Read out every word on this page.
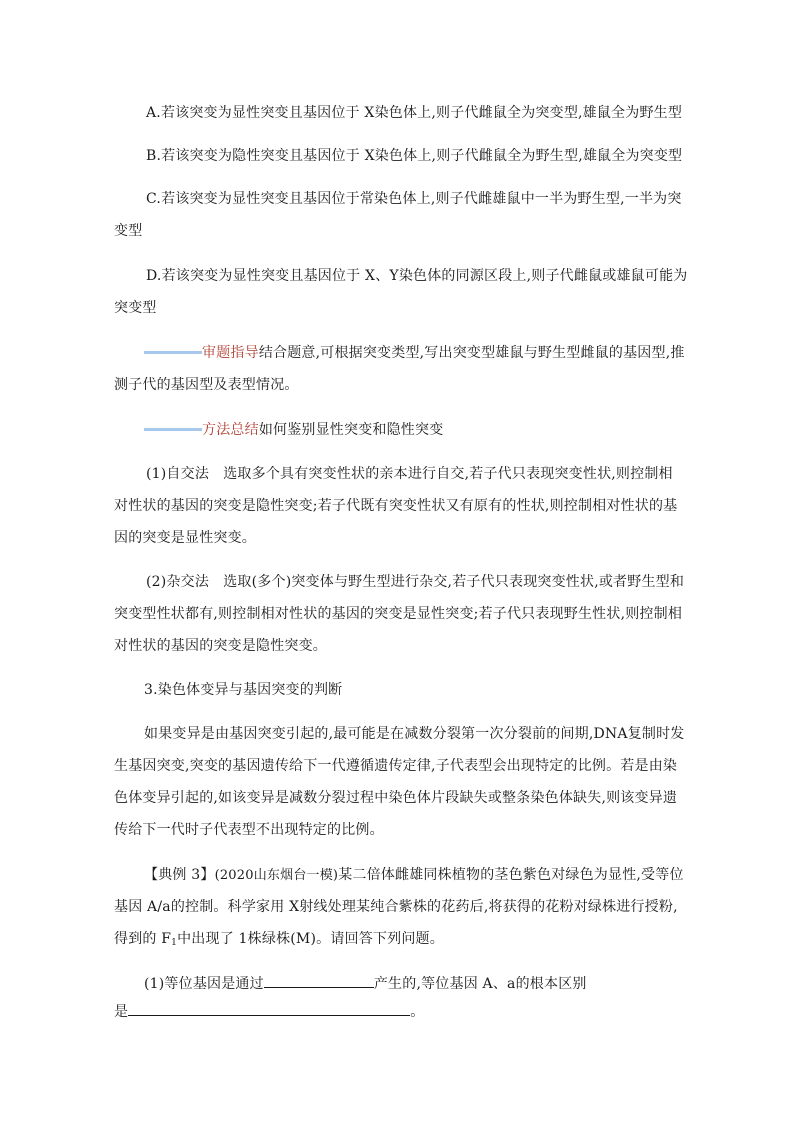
A.若该突变为显性突变且基因位于 X染色体上,则子代雌鼠全为突变型,雄鼠全为野生型
B.若该突变为隐性突变且基因位于 X染色体上,则子代雌鼠全为野生型,雄鼠全为突变型
C.若该突变为显性突变且基因位于常染色体上,则子代雌雄鼠中一半为野生型,一半为突
变型
D.若该突变为显性突变且基因位于 X、Y染色体的同源区段上,则子代雌鼠或雄鼠可能为
突变型
审题指导结合题意,可根据突变类型,写出突变型雄鼠与野生型雌鼠的基因型,推
测子代的基因型及表型情况。
方法总结如何鉴别显性突变和隐性突变
(1)自交法　选取多个具有突变性状的亲本进行自交,若子代只表现突变性状,则控制相
对性状的基因的突变是隐性突变;若子代既有突变性状又有原有的性状,则控制相对性状的基
因的突变是显性突变。
(2)杂交法　选取(多个)突变体与野生型进行杂交,若子代只表现突变性状,或者野生型和
突变型性状都有,则控制相对性状的基因的突变是显性突变;若子代只表现野生性状,则控制相
对性状的基因的突变是隐性突变。
3.染色体变异与基因突变的判断
如果变异是由基因突变引起的,最可能是在减数分裂第一次分裂前的间期,DNA复制时发
生基因突变,突变的基因遗传给下一代遵循遗传定律,子代表型会出现特定的比例。若是由染
色体变异引起的,如该变异是减数分裂过程中染色体片段缺失或整条染色体缺失,则该变异遗
传给下一代时子代表型不出现特定的比例。
【典例 3】(2020山东烟台一模)某二倍体雌雄同株植物的茎色紫色对绿色为显性,受等位
基因 A/a的控制。科学家用 X射线处理某纯合紫株的花药后,将获得的花粉对绿株进行授粉,
得到的 $F_1$中出现了 1株绿株(M)。请回答下列问题。
(1)等位基因是通过	产生的,等位基因 A、a的根本区别
是	。
